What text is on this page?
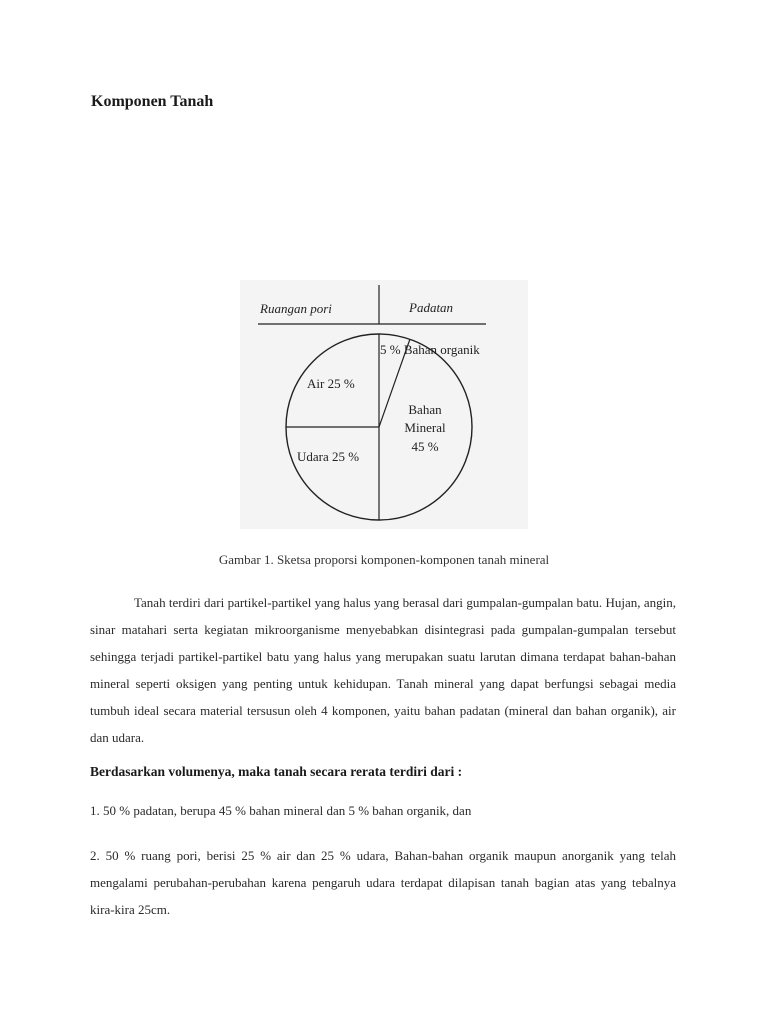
Komponen Tanah
Ruangan pori	Padatan
5 % Bahan organik
Air 25 %
Udara 25 %
Bahan
Mineral
45 %
Gambar 1. Sketsa proporsi komponen-komponen tanah mineral
Tanah terdiri dari partikel-partikel yang halus yang berasal dari gumpalan-gumpalan batu. Hujan, angin, sinar matahari serta kegiatan mikroorganisme menyebabkan disintegrasi pada gumpalan-gumpalan tersebut sehingga terjadi partikel-partikel batu yang halus yang merupakan suatu larutan dimana terdapat bahan-bahan mineral seperti oksigen yang penting untuk kehidupan. Tanah mineral yang dapat berfungsi sebagai media tumbuh ideal secara material tersusun oleh 4 komponen, yaitu bahan padatan (mineral dan bahan organik), air dan udara.
Berdasarkan volumenya, maka tanah secara rerata terdiri dari :
1. 50 % padatan, berupa 45 % bahan mineral dan 5 % bahan organik, dan
2. 50 % ruang pori, berisi 25 % air dan 25 % udara, Bahan-bahan organik maupun anorganik yang telah mengalami perubahan-perubahan karena pengaruh udara terdapat dilapisan tanah bagian atas yang tebalnya kira-kira 25cm.
